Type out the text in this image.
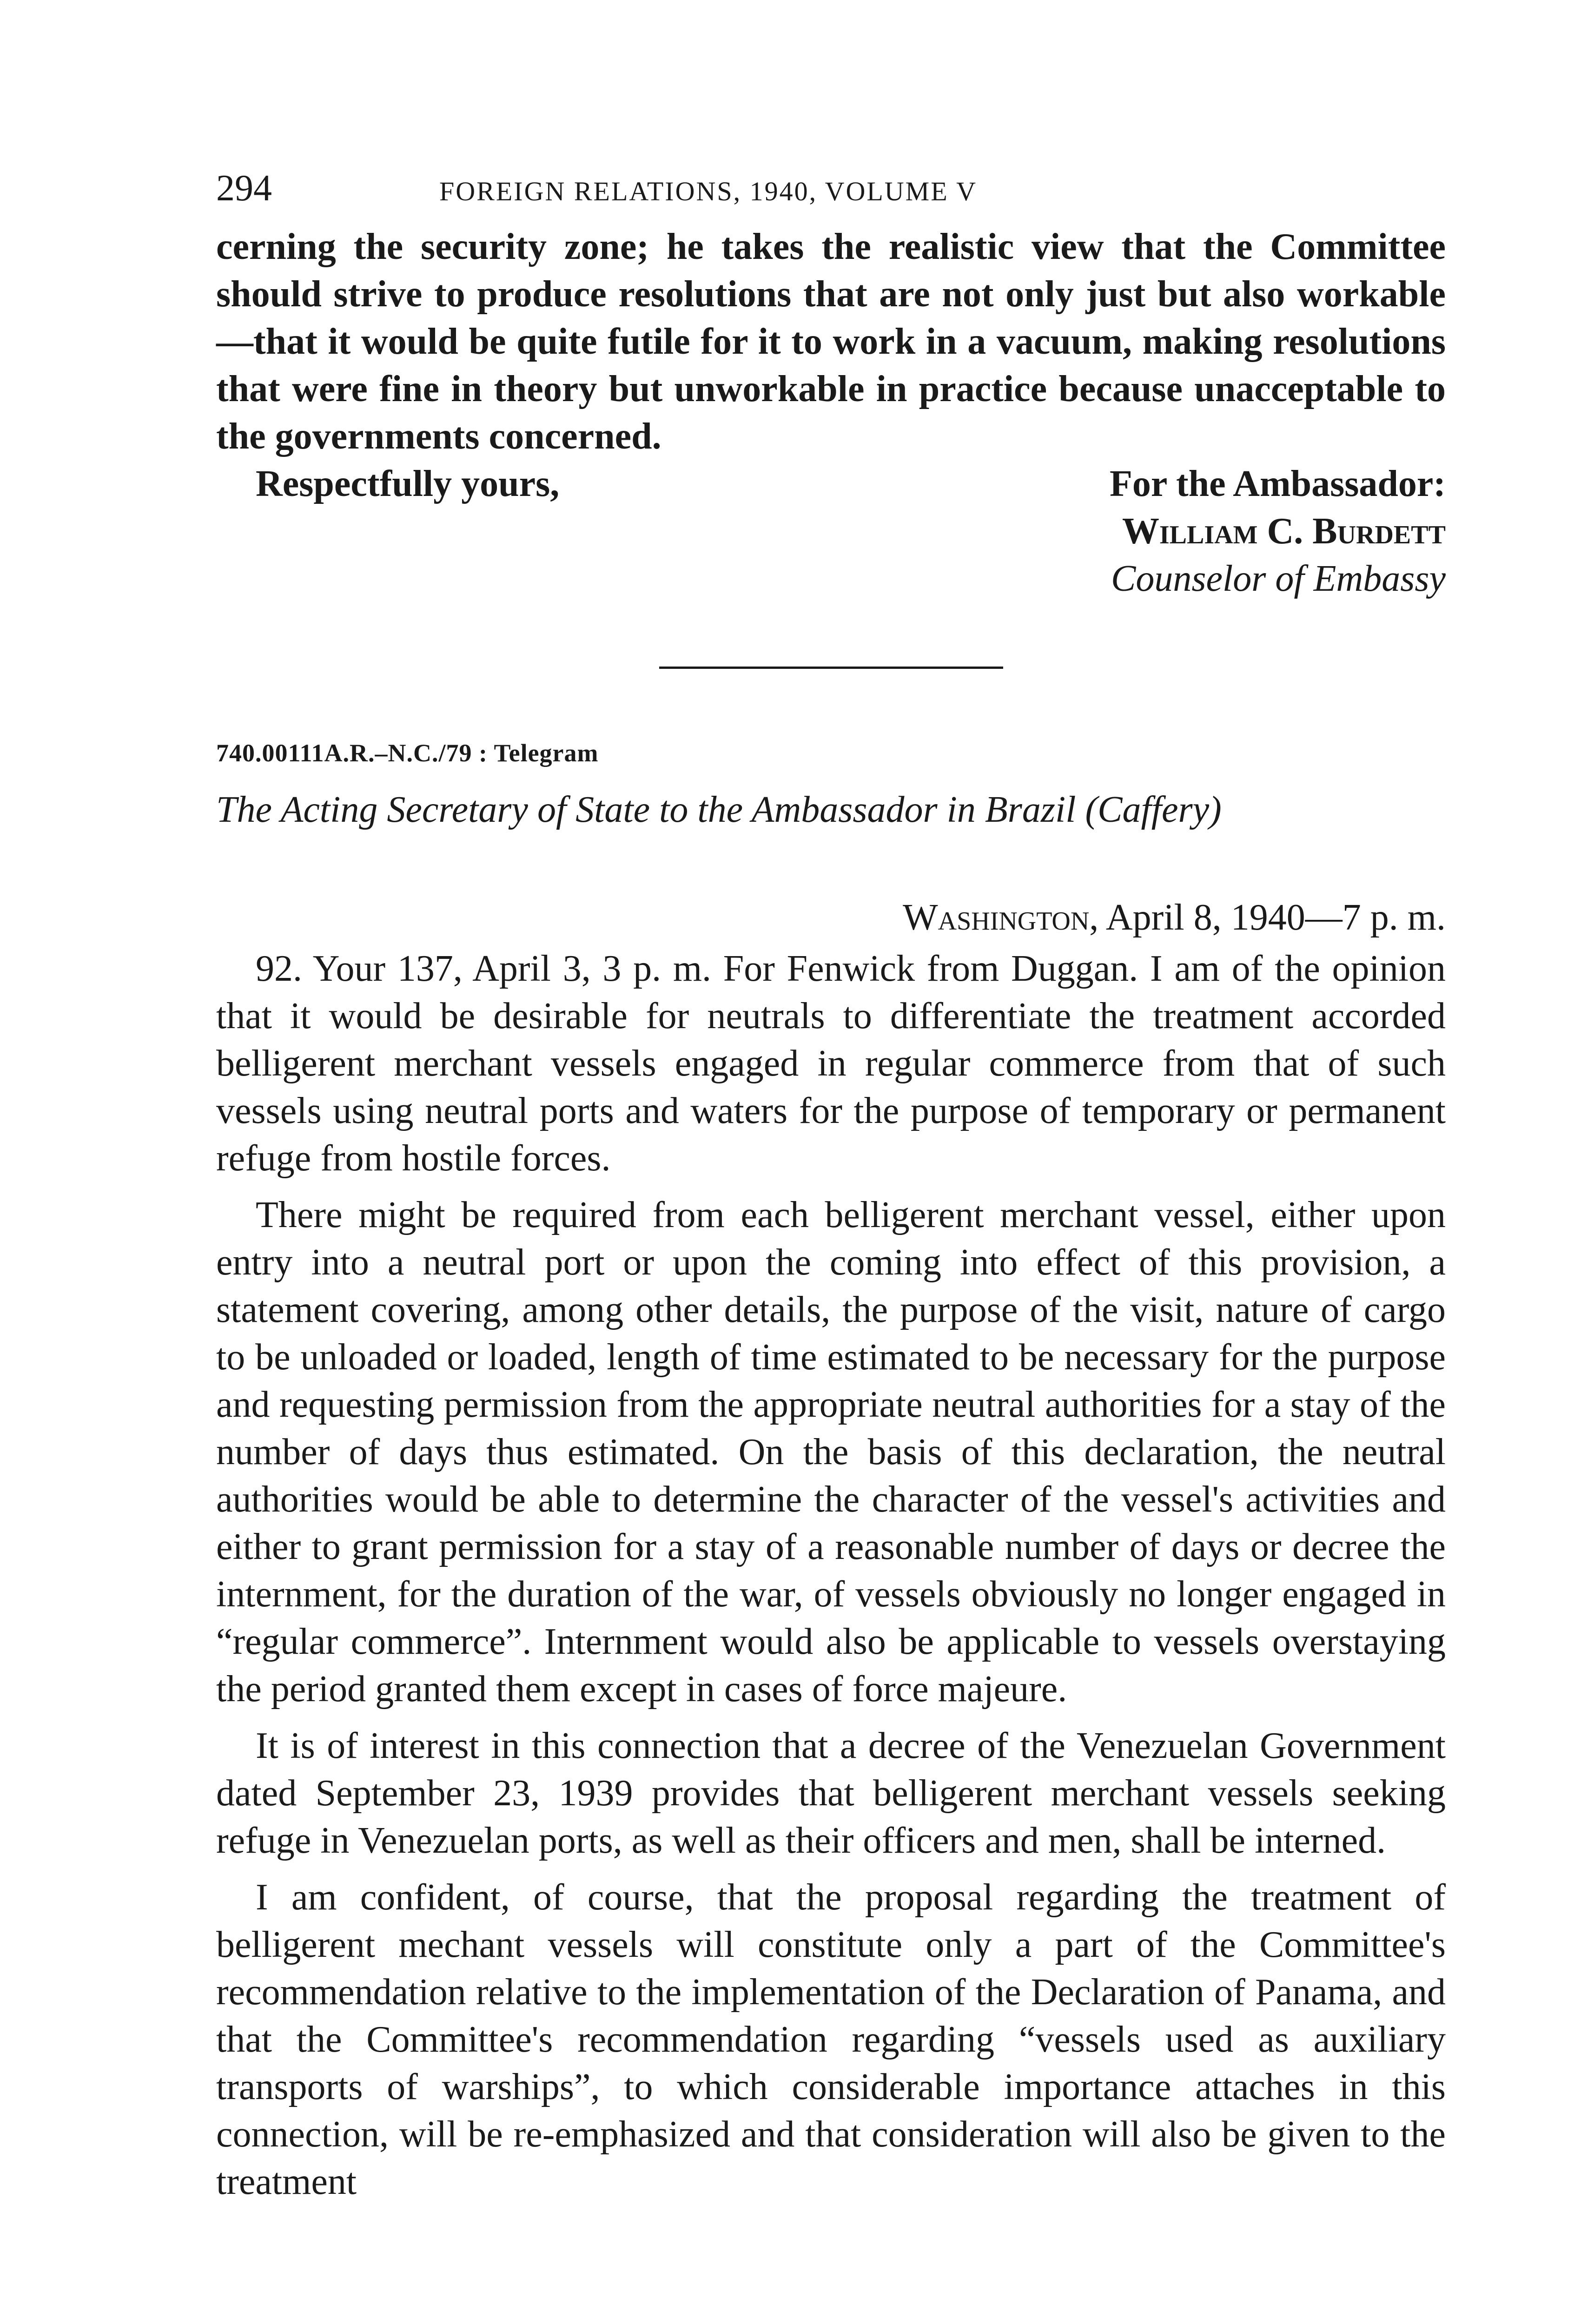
294	FOREIGN RELATIONS, 1940, VOLUME V

cerning the security zone; he takes the realistic view that the Committee should strive to produce resolutions that are not only just but also workable—that it would be quite futile for it to work in a vacuum, making resolutions that were fine in theory but unworkable in practice because unacceptable to the governments concerned.

Respectfully yours,	For the Ambassador:
William C. Burdett
Counselor of Embassy
740.00111A.R.–N.C./79 : Telegram
The Acting Secretary of State to the Ambassador in Brazil (Caffery)
Washington, April 8, 1940—7 p. m.

92. Your 137, April 3, 3 p. m. For Fenwick from Duggan. I am of the opinion that it would be desirable for neutrals to differentiate the treatment accorded belligerent merchant vessels engaged in regular commerce from that of such vessels using neutral ports and waters for the purpose of temporary or permanent refuge from hostile forces.

There might be required from each belligerent merchant vessel, either upon entry into a neutral port or upon the coming into effect of this provision, a statement covering, among other details, the purpose of the visit, nature of cargo to be unloaded or loaded, length of time estimated to be necessary for the purpose and requesting permission from the appropriate neutral authorities for a stay of the number of days thus estimated. On the basis of this declaration, the neutral authorities would be able to determine the character of the vessel's activities and either to grant permission for a stay of a reasonable number of days or decree the internment, for the duration of the war, of vessels obviously no longer engaged in “regular commerce”. Internment would also be applicable to vessels overstaying the period granted them except in cases of force majeure.

It is of interest in this connection that a decree of the Venezuelan Government dated September 23, 1939 provides that belligerent merchant vessels seeking refuge in Venezuelan ports, as well as their officers and men, shall be interned.

I am confident, of course, that the proposal regarding the treatment of belligerent mechant vessels will constitute only a part of the Committee's recommendation relative to the implementation of the Declaration of Panama, and that the Committee's recommendation regarding “vessels used as auxiliary transports of warships”, to which considerable importance attaches in this connection, will be re-emphasized and that consideration will also be given to the treatment
